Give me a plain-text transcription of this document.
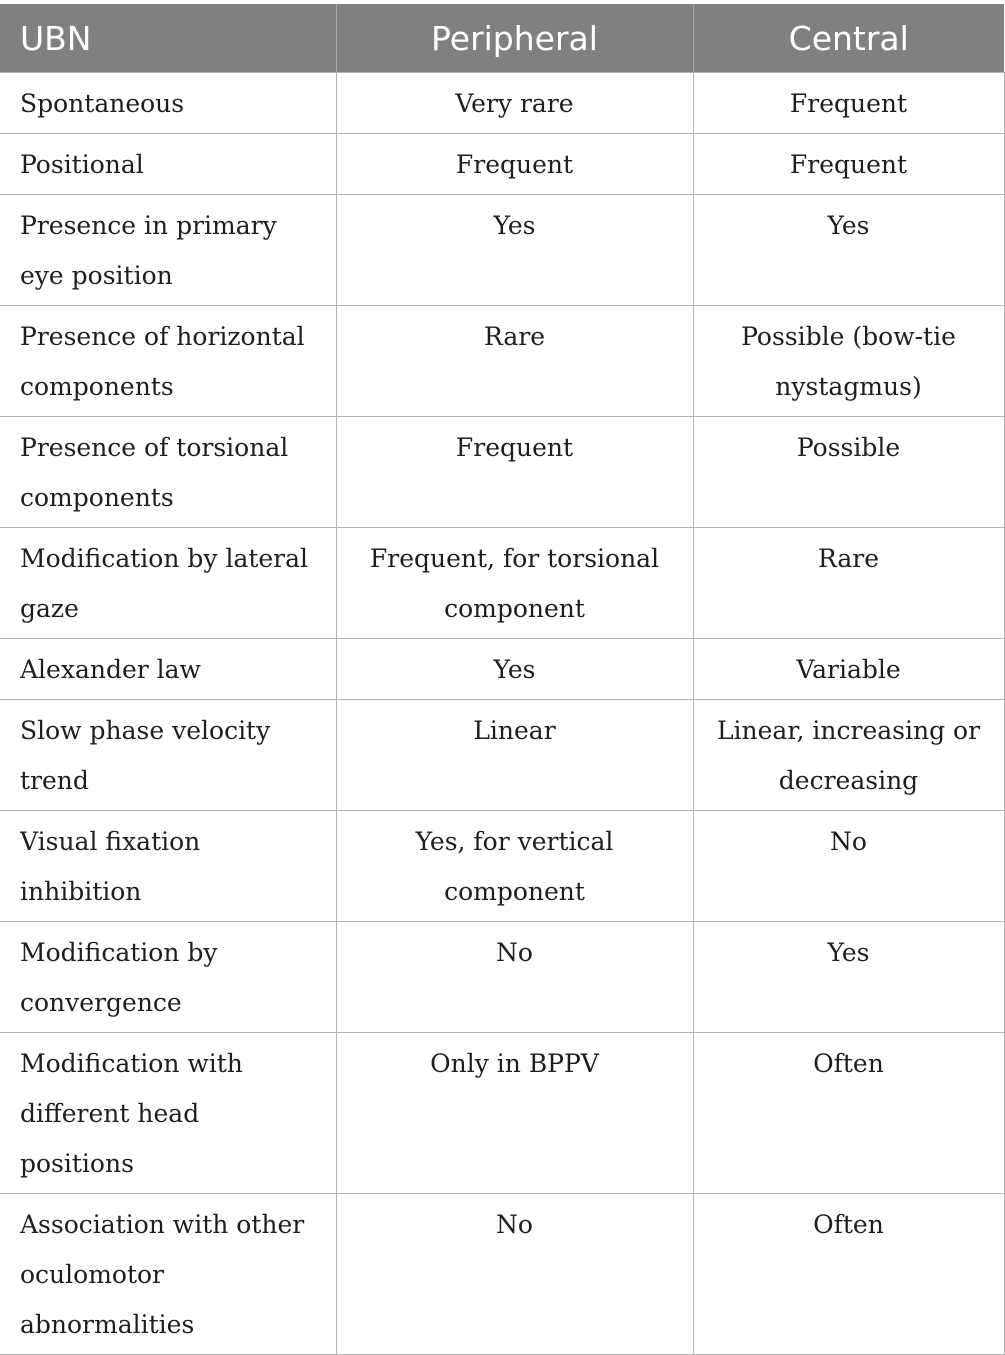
UBN	Peripheral	Central
Spontaneous	Very rare	Frequent
Positional	Frequent	Frequent
Presence in primary eye position	Yes	Yes
Presence of horizontal components	Rare	Possible (bow-tie nystagmus)
Presence of torsional components	Frequent	Possible
Modification by lateral gaze	Frequent, for torsional component	Rare
Alexander law	Yes	Variable
Slow phase velocity trend	Linear	Linear, increasing or decreasing
Visual fixation inhibition	Yes, for vertical component	No
Modification by convergence	No	Yes
Modification with different head positions	Only in BPPV	Often
Association with other oculomotor abnormalities	No	Often
